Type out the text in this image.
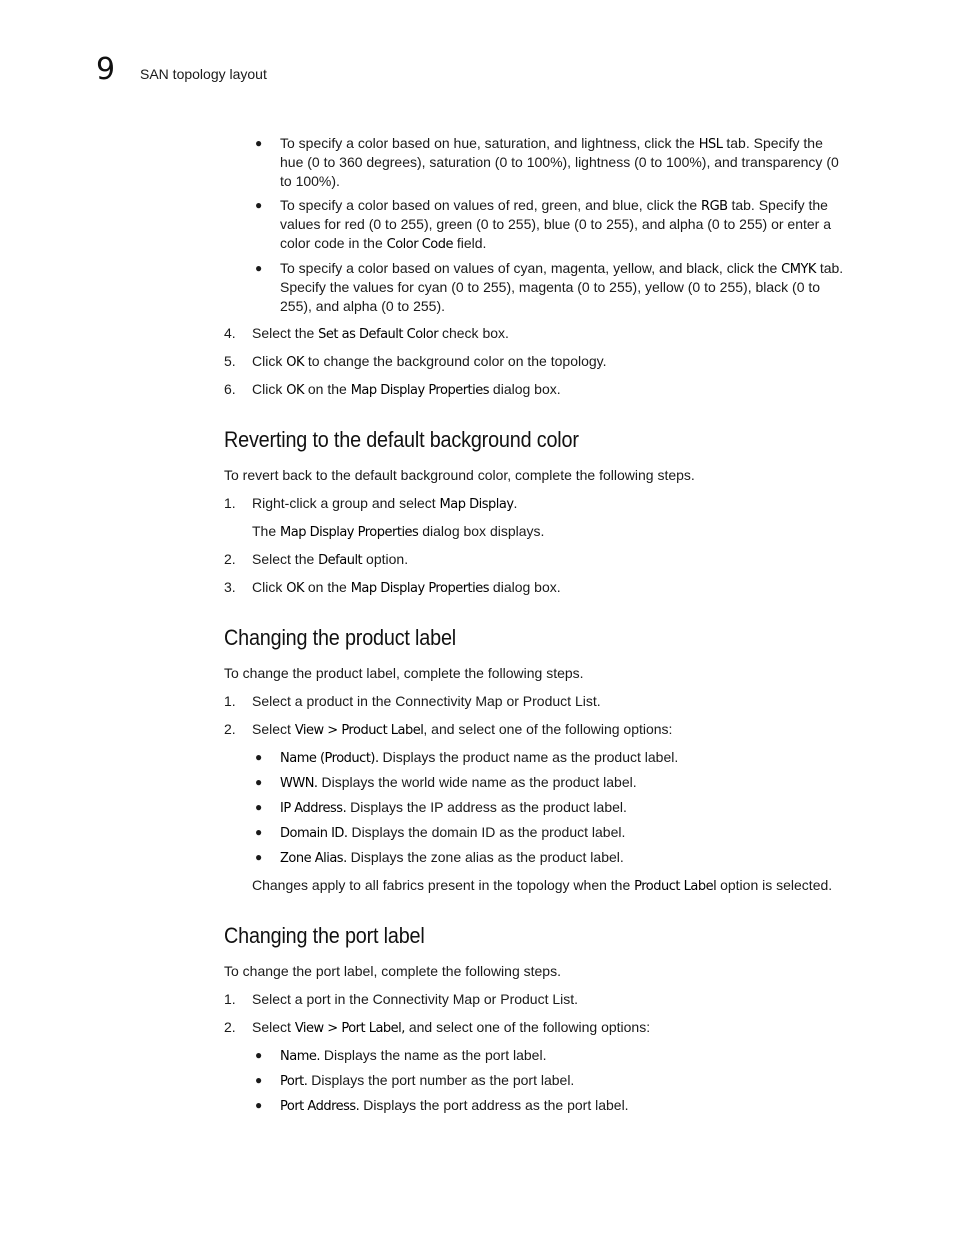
9 SAN topology layout
● To specify a color based on hue, saturation, and lightness, click the HSL tab. Specify the
hue (0 to 360 degrees), saturation (0 to 100%), lightness (0 to 100%), and transparency (0
to 100%).
● To specify a color based on values of red, green, and blue, click the RGB tab. Specify the
values for red (0 to 255), green (0 to 255), blue (0 to 255), and alpha (0 to 255) or enter a
color code in the Color Code field.
● To specify a color based on values of cyan, magenta, yellow, and black, click the CMYK tab.
Specify the values for cyan (0 to 255), magenta (0 to 255), yellow (0 to 255), black (0 to
255), and alpha (0 to 255).
4. Select the Set as Default Color check box.
5. Click OK to change the background color on the topology.
6. Click OK on the Map Display Properties dialog box.
Reverting to the default background color
To revert back to the default background color, complete the following steps.
1. Right-click a group and select Map Display.
The Map Display Properties dialog box displays.
2. Select the Default option.
3. Click OK on the Map Display Properties dialog box.
Changing the product label
To change the product label, complete the following steps.
1. Select a product in the Connectivity Map or Product List.
2. Select View > Product Label, and select one of the following options:
● Name (Product). Displays the product name as the product label.
● WWN. Displays the world wide name as the product label.
● IP Address. Displays the IP address as the product label.
● Domain ID. Displays the domain ID as the product label.
● Zone Alias. Displays the zone alias as the product label.
Changes apply to all fabrics present in the topology when the Product Label option is selected.
Changing the port label
To change the port label, complete the following steps.
1. Select a port in the Connectivity Map or Product List.
2. Select View > Port Label, and select one of the following options:
● Name. Displays the name as the port label.
● Port. Displays the port number as the port label.
● Port Address. Displays the port address as the port label.
